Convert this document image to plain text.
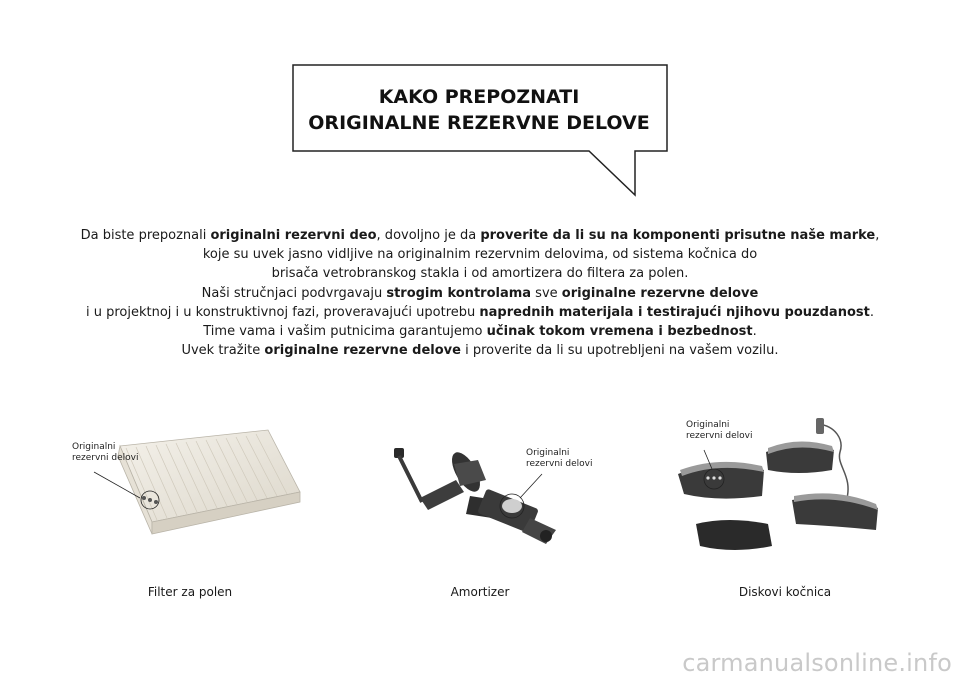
KAKO PREPOZNATI
ORIGINALNE REZERVNE DELOVE
Da biste prepoznali originalni rezervni deo, dovoljno je da proverite da li su na komponenti prisutne naše marke,
koje su uvek jasno vidljive na originalnim rezervnim delovima, od sistema kočnica do
brisača vetrobranskog stakla i od amortizera do filtera za polen.
Naši stručnjaci podvrgavaju strogim kontrolama sve originalne rezervne delove
i u projektnoj i u konstruktivnoj fazi, proveravajući upotrebu naprednih materijala i testirajući njihovu pouzdanost.
Time vama i vašim putnicima garantujemo učinak tokom vremena i bezbednost.
Uvek tražite originalne rezervne delove i proverite da li su upotrebljeni na vašem vozilu.
Originalni
rezervni delovi
Filter za polen
Originalni
rezervni delovi
Amortizer
Originalni
rezervni delovi
Diskovi kočnica
carmanualsonline.info
